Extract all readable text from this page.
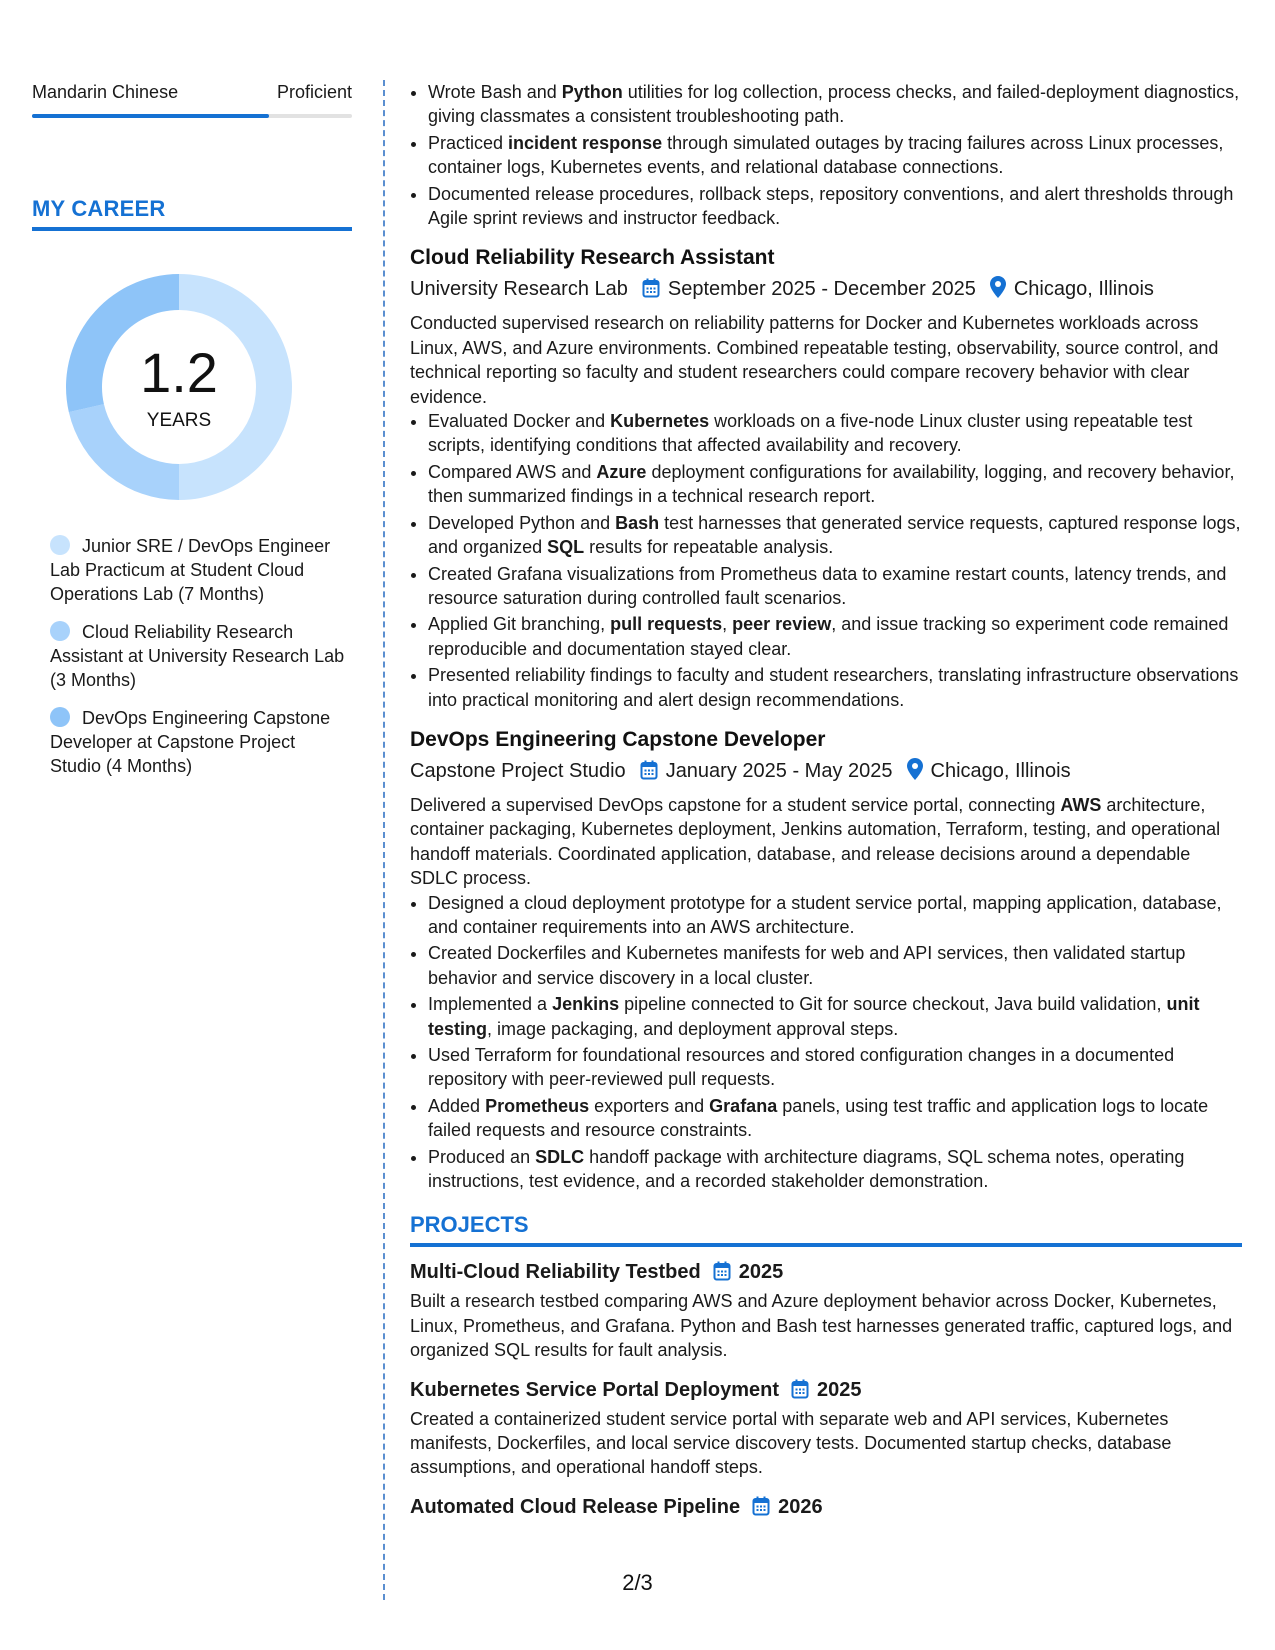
Mandarin Chinese	Proficient
MY CAREER
1.2
YEARS
Junior SRE / DevOps Engineer Lab Practicum at Student Cloud Operations Lab (7 Months)
Cloud Reliability Research Assistant at University Research Lab (3 Months)
DevOps Engineering Capstone Developer at Capstone Project Studio (4 Months)
• Wrote Bash and Python utilities for log collection, process checks, and failed-deployment diagnostics, giving classmates a consistent troubleshooting path.
• Practiced incident response through simulated outages by tracing failures across Linux processes, container logs, Kubernetes events, and relational database connections.
• Documented release procedures, rollback steps, repository conventions, and alert thresholds through Agile sprint reviews and instructor feedback.
Cloud Reliability Research Assistant
University Research Lab September 2025 - December 2025 Chicago, Illinois

Conducted supervised research on reliability patterns for Docker and Kubernetes workloads across Linux, AWS, and Azure environments. Combined repeatable testing, observability, source control, and technical reporting so faculty and student researchers could compare recovery behavior with clear evidence.

• Evaluated Docker and Kubernetes workloads on a five-node Linux cluster using repeatable test scripts, identifying conditions that affected availability and recovery.
• Compared AWS and Azure deployment configurations for availability, logging, and recovery behavior, then summarized findings in a technical research report.
• Developed Python and Bash test harnesses that generated service requests, captured response logs, and organized SQL results for repeatable analysis.
• Created Grafana visualizations from Prometheus data to examine restart counts, latency trends, and resource saturation during controlled fault scenarios.
• Applied Git branching, pull requests, peer review, and issue tracking so experiment code remained reproducible and documentation stayed clear.
• Presented reliability findings to faculty and student researchers, translating infrastructure observations into practical monitoring and alert design recommendations.
DevOps Engineering Capstone Developer
Capstone Project Studio January 2025 - May 2025 Chicago, Illinois

Delivered a supervised DevOps capstone for a student service portal, connecting AWS architecture, container packaging, Kubernetes deployment, Jenkins automation, Terraform, testing, and operational handoff materials. Coordinated application, database, and release decisions around a dependable SDLC process.

• Designed a cloud deployment prototype for a student service portal, mapping application, database, and container requirements into an AWS architecture.
• Created Dockerfiles and Kubernetes manifests for web and API services, then validated startup behavior and service discovery in a local cluster.
• Implemented a Jenkins pipeline connected to Git for source checkout, Java build validation, unit testing, image packaging, and deployment approval steps.
• Used Terraform for foundational resources and stored configuration changes in a documented repository with peer-reviewed pull requests.
• Added Prometheus exporters and Grafana panels, using test traffic and application logs to locate failed requests and resource constraints.
• Produced an SDLC handoff package with architecture diagrams, SQL schema notes, operating instructions, test evidence, and a recorded stakeholder demonstration.
PROJECTS
Multi-Cloud Reliability Testbed 2025

Built a research testbed comparing AWS and Azure deployment behavior across Docker, Kubernetes, Linux, Prometheus, and Grafana. Python and Bash test harnesses generated traffic, captured logs, and organized SQL results for fault analysis.

Kubernetes Service Portal Deployment 2025

Created a containerized student service portal with separate web and API services, Kubernetes manifests, Dockerfiles, and local service discovery tests. Documented startup checks, database assumptions, and operational handoff steps.

Automated Cloud Release Pipeline 2026
2/3
